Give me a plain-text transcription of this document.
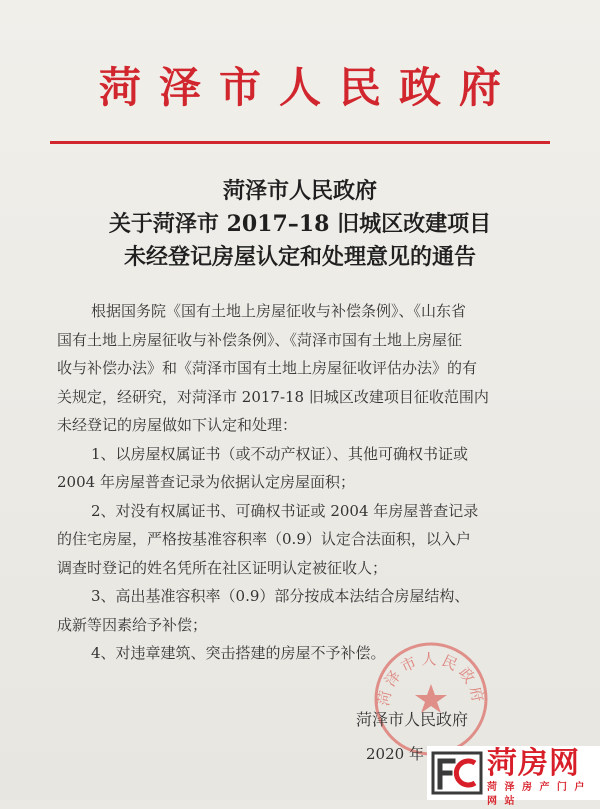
菏泽市人民政府
菏泽市人民政府
关于菏泽市 2017–18 旧城区改建项目
未经登记房屋认定和处理意见的通告
根据国务院《国有土地上房屋征收与补偿条例》、《山东省
国有土地上房屋征收与补偿条例》、《菏泽市国有土地上房屋征
收与补偿办法》和《菏泽市国有土地上房屋征收评估办法》的有
关规定，经研究，对菏泽市 2017-18 旧城区改建项目征收范围内
未经登记的房屋做如下认定和处理：
1、以房屋权属证书（或不动产权证）、其他可确权书证或
2004 年房屋普查记录为依据认定房屋面积；
2、对没有权属证书、可确权书证或 2004 年房屋普查记录
的住宅房屋，严格按基准容积率（0.9）认定合法面积，以入户
调查时登记的姓名凭所在社区证明认定被征收人；
3、高出基准容积率（0.9）部分按成本法结合房屋结构、
成新等因素给予补偿；
4、对违章建筑、突击搭建的房屋不予补偿。
菏泽市人民政府
菏泽市人民政府
2020 年 菏房网
菏 泽 房 产 门 户 网 站
